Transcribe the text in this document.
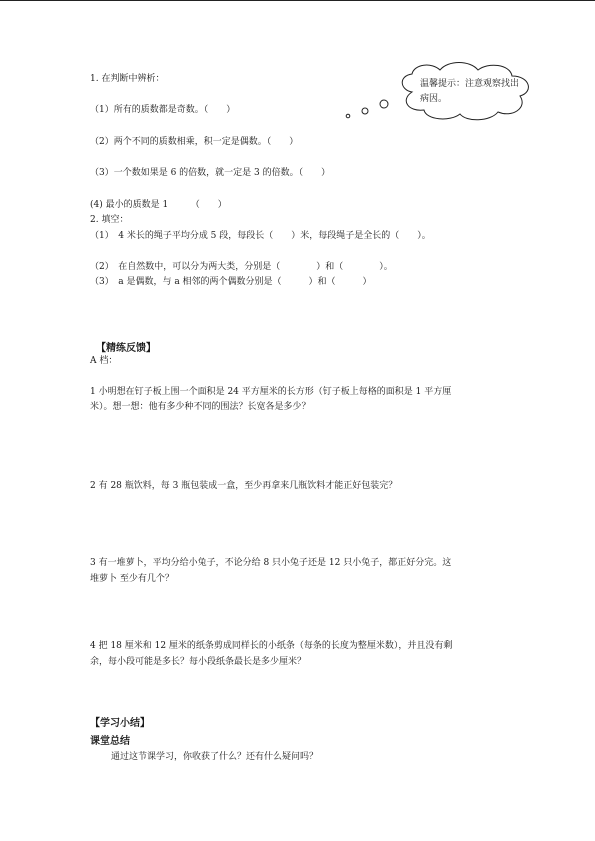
1. 在判断中辨析：
（1）所有的质数都是奇数。（　　）
（2）两个不同的质数相乘，积一定是偶数。（　　）
（3）一个数如果是 6 的倍数，就一定是 3 的倍数。（　　）
(4) 最小的质数是 1　　　（　　）
温馨提示：注意观察找出病因。
2. 填空：
（1）　4 米长的绳子平均分成 5 段，每段长（　　）米，每段绳子是全长的（　　）。
（2）　在自然数中，可以分为两大类，分别是（　　　　）和（　　　　）。
（3）　a 是偶数，与 a 相邻的两个偶数分别是（　　　）和（　　　）
【精练反馈】
A 档：
1 小明想在钉子板上围一个面积是 24 平方厘米的长方形（钉子板上每格的面积是 1 平方厘
米）。想一想：他有多少种不同的围法？长宽各是多少？
2 有 28 瓶饮料，每 3 瓶包装成一盒，至少再拿来几瓶饮料才能正好包装完？
3 有一堆萝卜，平均分给小兔子，不论分给 8 只小兔子还是 12 只小兔子，都正好分完。这
堆萝卜 至少有几个？
4 把 18 厘米和 12 厘米的纸条剪成同样长的小纸条（每条的长度为整厘米数），并且没有剩
余，每小段可能是多长？每小段纸条最长是多少厘米？
【学习小结】
课堂总结
通过这节课学习，你收获了什么？还有什么疑问吗？
